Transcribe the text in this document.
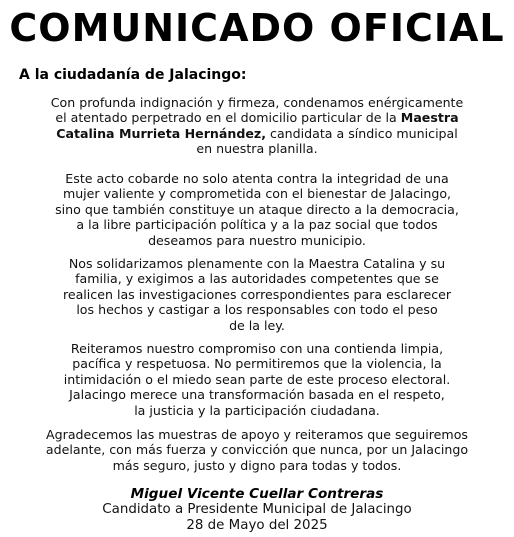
COMUNICADO OFICIAL
A la ciudadanía de Jalacingo:

Con profunda indignación y firmeza, condenamos enérgicamente
el atentado perpetrado en el domicilio particular de la Maestra
Catalina Murrieta Hernández, candidata a síndico municipal
en nuestra planilla.

Este acto cobarde no solo atenta contra la integridad de una
mujer valiente y comprometida con el bienestar de Jalacingo,
sino que también constituye un ataque directo a la democracia,
a la libre participación política y a la paz social que todos
deseamos para nuestro municipio.

Nos solidarizamos plenamente con la Maestra Catalina y su
familia, y exigimos a las autoridades competentes que se
realicen las investigaciones correspondientes para esclarecer
los hechos y castigar a los responsables con todo el peso
de la ley.

Reiteramos nuestro compromiso con una contienda limpia,
pacífica y respetuosa. No permitiremos que la violencia, la
intimidación o el miedo sean parte de este proceso electoral.
Jalacingo merece una transformación basada en el respeto,
la justicia y la participación ciudadana.

Agradecemos las muestras de apoyo y reiteramos que seguiremos
adelante, con más fuerza y convicción que nunca, por un Jalacingo
más seguro, justo y digno para todas y todos.

Miguel Vicente Cuellar Contreras
Candidato a Presidente Municipal de Jalacingo
28 de Mayo del 2025
